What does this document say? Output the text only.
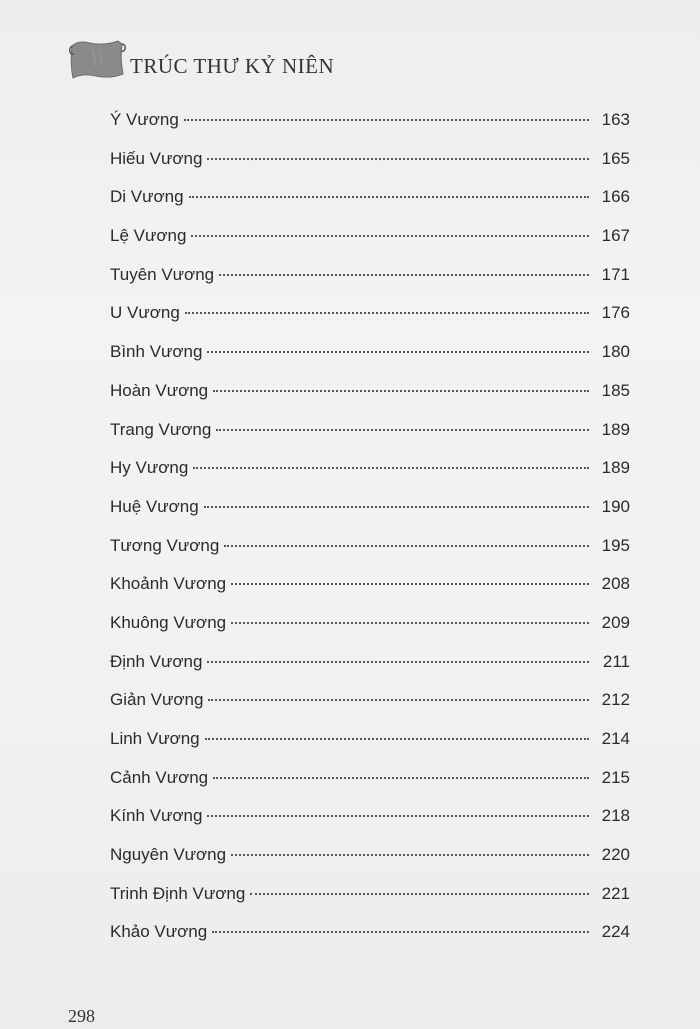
TRÚC THƯ KỶ NIÊN
Ý Vương	163
Hiếu Vương	165
Di Vương	166
Lệ Vương	167
Tuyên Vương	171
U Vương	176
Bình Vương	180
Hoàn Vương	185
Trang Vương	189
Hy Vương	189
Huệ Vương	190
Tương Vương	195
Khoảnh Vương	208
Khuông Vương	209
Định Vương	211
Giản Vương	212
Linh Vương	214
Cảnh Vương	215
Kính Vương	218
Nguyên Vương	220
Trinh Định Vương	221
Khảo Vương	224
298
